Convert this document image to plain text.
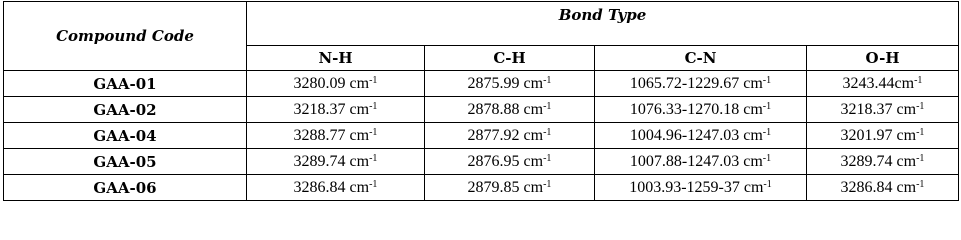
Compound Code	Bond Type			
	N-H	C-H	C-N	O-H
GAA-01	3280.09 $cm^{-1}$	2875.99 $cm^{-1}$	1065.72-1229.67 $cm^{-1}$	$3243.44cm^{-1}$
GAA-02	3218.37 $cm^{-1}$	2878.88 $cm^{-1}$	1076.33-1270.18 $cm^{-1}$	3218.37 $cm^{-1}$
GAA-04	3288.77 $cm^{-1}$	2877.92 $cm^{-1}$	1004.96-1247.03 $cm^{-1}$	3201.97 $cm^{-1}$
GAA-05	3289.74 $cm^{-1}$	2876.95 $cm^{-1}$	1007.88-1247.03 $cm^{-1}$	3289.74 $cm^{-1}$
GAA-06	3286.84 $cm^{-1}$	2879.85 $cm^{-1}$	1003.93-1259-37 $cm^{-1}$	3286.84 $cm^{-1}$
